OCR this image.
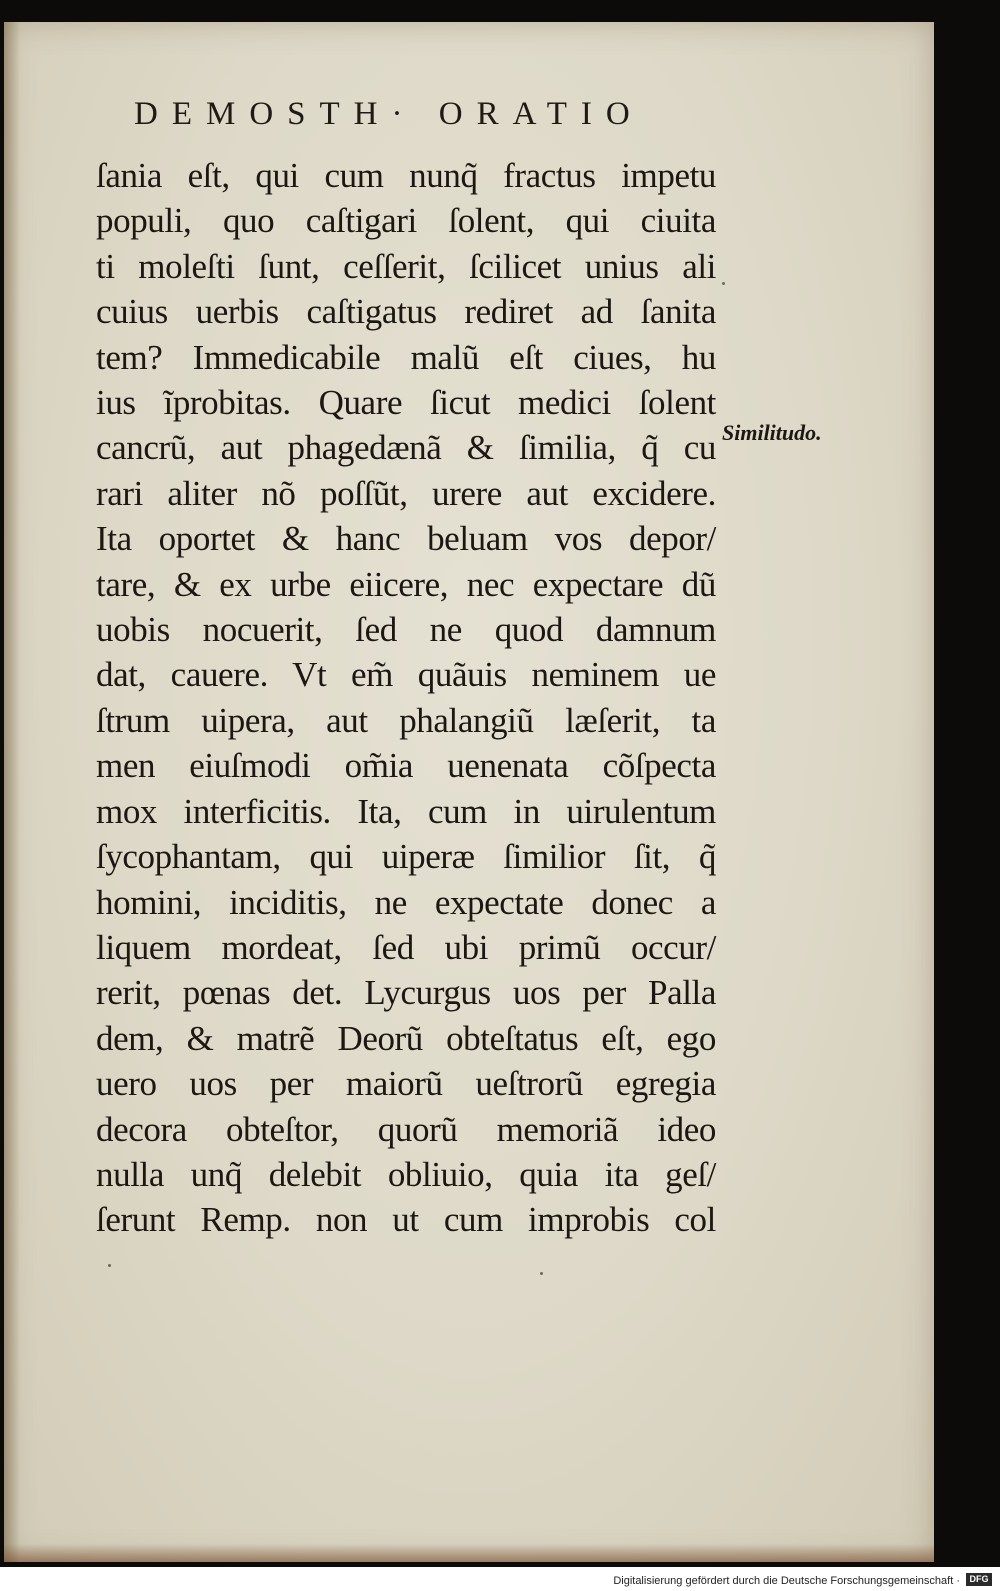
DEMOSTH· ORATIO
ſania eſt, qui cum nunq̃ fractus impetu
populi, quo caſtigari ſolent, qui ciuita
ti moleſti ſunt, ceſſerit, ſcilicet unius ali
cuius uerbis caſtigatus rediret ad ſanita
tem? Immedicabile malũ eſt ciues, hu
ius ĩprobitas. Quare ſicut medici ſolent
cancrũ, aut phagedænã & ſimilia, q̃ cu
rari aliter nõ poſſũt, urere aut excidere.
Ita oportet & hanc beluam vos depor/
tare, & ex urbe eiicere, nec expectare dũ
uobis nocuerit, ſed ne quod damnum
dat, cauere. Vt em̃ quãuis neminem ue
ſtrum uipera, aut phalangiũ læſerit, ta
men eiuſmodi om̃ia uenenata cõſpecta
mox interficitis. Ita, cum in uirulentum
ſycophantam, qui uiperæ ſimilior ſit, q̃
homini, inciditis, ne expectate donec a
liquem mordeat, ſed ubi primũ occur/
rerit, pœnas det. Lycurgus uos per Palla
dem, & matrẽ Deorũ obteſtatus eſt, ego
uero uos per maiorũ ueſtrorũ egregia
decora obteſtor, quorũ memoriã ideo
nulla unq̃ delebit obliuio, quia ita geſ/
ſerunt Remp. non ut cum improbis col
Similitudo.
Digitalisierung gefördert durch die Deutsche Forschungsgemeinschaft ·	DFG
